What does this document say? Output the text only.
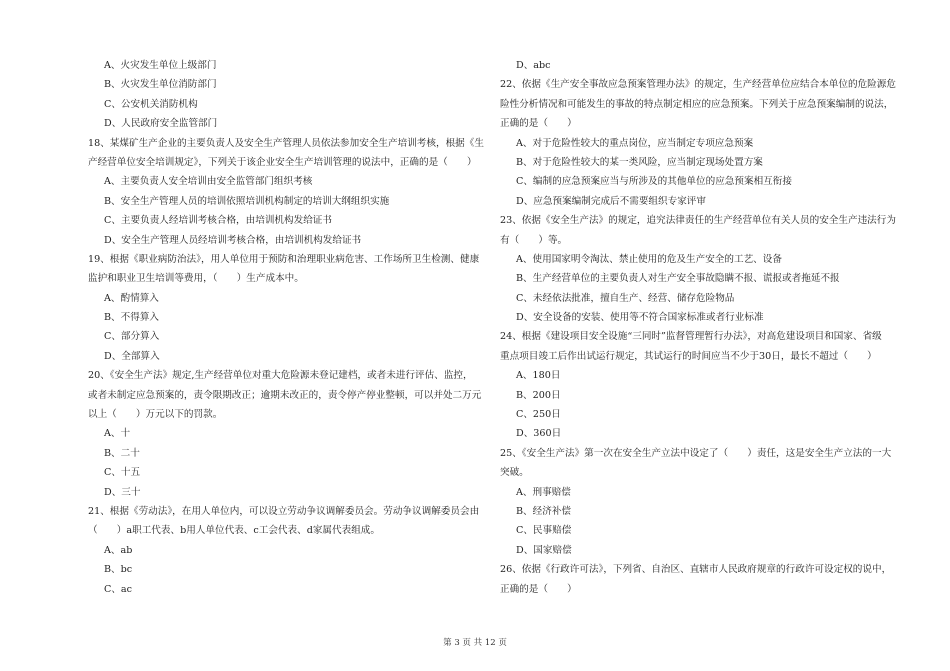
A、火灾发生单位上级部门
B、火灾发生单位消防部门
C、公安机关消防机构
D、人民政府安全监管部门
18、某煤矿生产企业的主要负责人及安全生产管理人员依法参加安全生产培训考核，根据《生
产经营单位安全培训规定》，下列关于该企业安全生产培训管理的说法中，正确的是（　　）
A、主要负责人安全培训由安全监管部门组织考核
B、安全生产管理人员的培训依照培训机构制定的培训大纲组织实施
C、主要负责人经培训考核合格，由培训机构发给证书
D、安全生产管理人员经培训考核合格，由培训机构发给证书
19、根据《职业病防治法》，用人单位用于预防和治理职业病危害、工作场所卫生检测、健康
监护和职业卫生培训等费用，（　　）生产成本中。
A、酌情算入
B、不得算入
C、部分算入
D、全部算入
20、《安全生产法》规定,生产经营单位对重大危险源未登记建档，或者未进行评估、监控，
或者未制定应急预案的，责令限期改正；逾期未改正的，责令停产停业整顿，可以并处二万元
以上（　　）万元以下的罚款。
A、十
B、二十
C、十五
D、三十
21、根据《劳动法》，在用人单位内，可以设立劳动争议调解委员会。劳动争议调解委员会由
（　　）a职工代表、b用人单位代表、c工会代表、d家属代表组成。
A、ab
B、bc
C、ac
D、abc
22、依据《生产安全事故应急预案管理办法》的规定，生产经营单位应结合本单位的危险源危
险性分析情况和可能发生的事故的特点制定相应的应急预案。下列关于应急预案编制的说法，
正确的是（　　）
A、对于危险性较大的重点岗位，应当制定专项应急预案
B、对于危险性较大的某一类风险，应当制定现场处置方案
C、编制的应急预案应当与所涉及的其他单位的应急预案相互衔接
D、应急预案编制完成后不需要组织专家评审
23、依据《安全生产法》的规定，追究法律责任的生产经营单位有关人员的安全生产违法行为
有（　　）等。
A、使用国家明令淘汰、禁止使用的危及生产安全的工艺、设备
B、生产经营单位的主要负责人对生产安全事故隐瞒不报、谎报或者拖延不报
C、未经依法批准，擅自生产、经营、储存危险物品
D、安全设备的安装、使用等不符合国家标准或者行业标准
24、根据《建设项目安全设施“三同时”监督管理暂行办法》，对高危建设项目和国家、省级
重点项目竣工后作出试运行规定，其试运行的时间应当不少于30日，最长不超过（　　）
A、180日
B、200日
C、250日
D、360日
25、《安全生产法》第一次在安全生产立法中设定了（　　）责任，这是安全生产立法的一大
突破。
A、刑事赔偿
B、经济补偿
C、民事赔偿
D、国家赔偿
26、依据《行政许可法》，下列省、自治区、直辖市人民政府规章的行政许可设定权的说中，
正确的是（　　）
第 3 页 共 12 页
